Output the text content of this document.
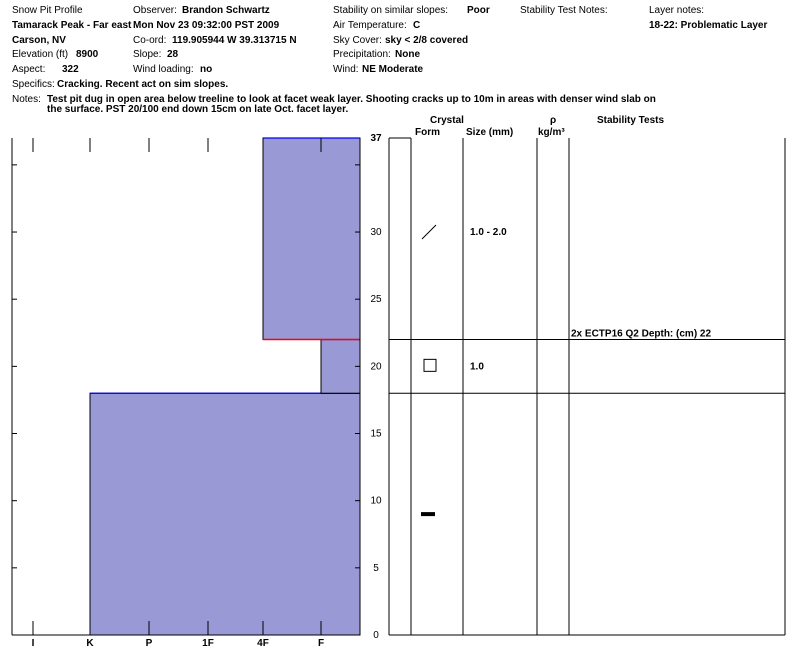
Snow Pit Profile
Tamarack Peak - Far east
Carson, NV
Elevation (ft) 8900
Aspect: 322
Observer: Brandon Schwartz
Mon Nov 23 09:32:00 PST 2009
Co-ord: 119.905944 W 39.313715 N
Slope: 28
Wind loading: no
Stability on similar slopes: Poor
Air Temperature: C
Sky Cover: sky < 2/8 covered
Precipitation: None
Wind: NE Moderate
Stability Test Notes:	Layer notes:
18-22: Problematic Layer
Specifics: Cracking. Recent act on sim slopes.
Notes: Test pit dug in open area below treeline to look at facet weak layer. Shooting cracks up to 10m in areas with denser wind slab on
the surface. PST 20/100 end down 15cm on late Oct. facet layer.
Crystal
Form	Size (mm)
ρ
kg/m³
Stability Tests
I	K	P	1F	4F	F
0
5
10
15
20
25
30
37
1.0 - 2.0
1.0
2x ECTP16 Q2 Depth: (cm) 22
